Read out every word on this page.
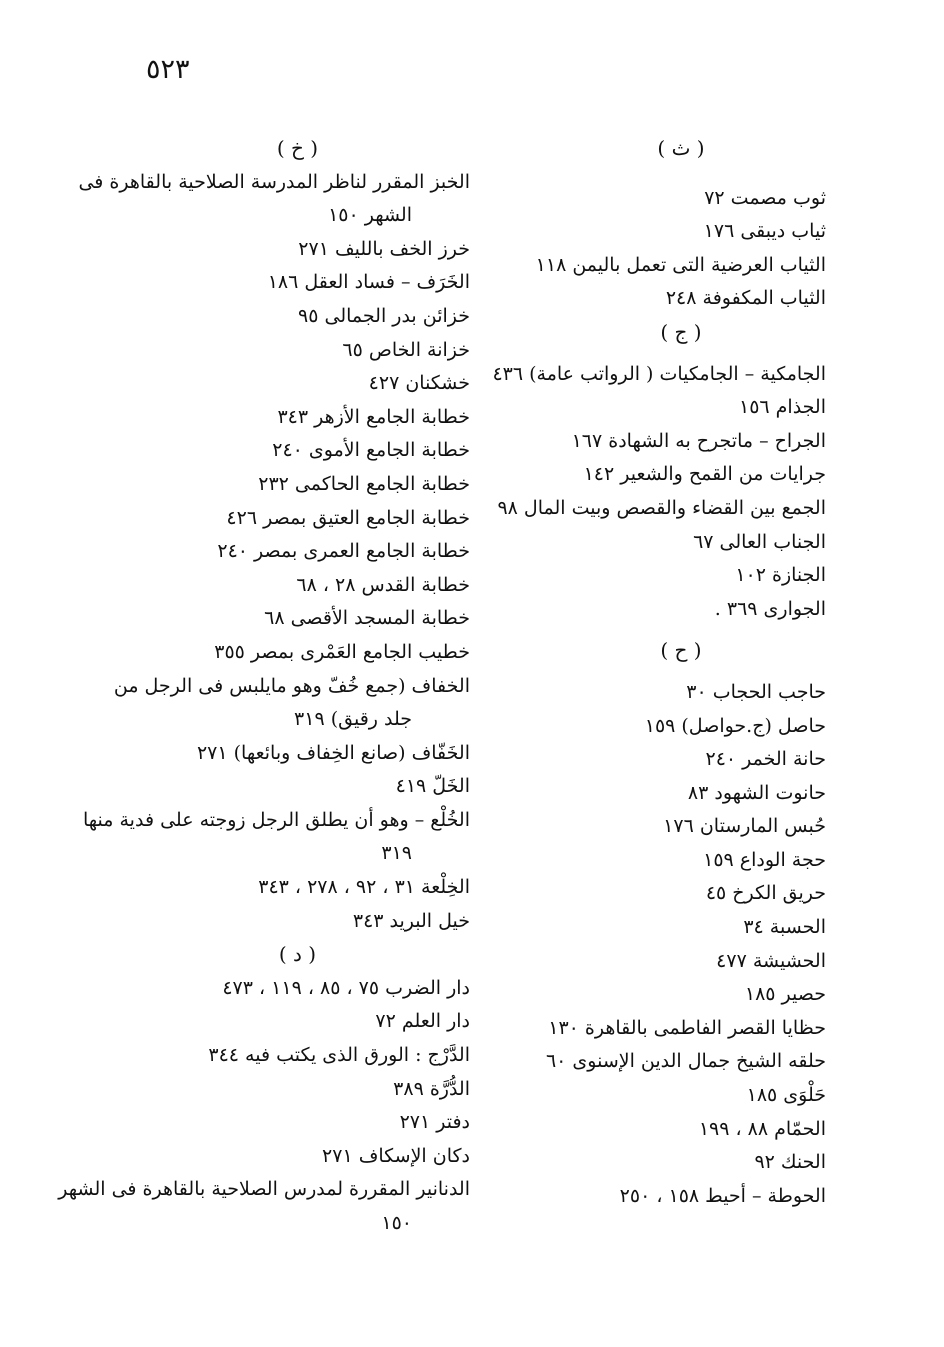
٥٢٣
( ث )
ثوب مصمت ٧٢
ثياب ديبقى ١٧٦
الثياب العرضية التى تعمل باليمن ١١٨
الثياب المكفوفة ٢٤٨
( ج )
الجامكية – الجامكيات ( الرواتب عامة) ٤٣٦
الجذام ١٥٦
الجراح – ماتجرح به الشهادة ١٦٧
جرايات من القمح والشعير ١٤٢
الجمع بين القضاء والقصص وبيت المال ٩٨
الجناب العالى ٦٧
الجنازة ١٠٢
الجوارى ٣٦٩ .
( ح )
حاجب الحجاب ٣٠
حاصل (ج.حواصل) ١٥٩
حانة الخمر ٢٤٠
حانوت الشهود ٨٣
حُبس المارستان ١٧٦
حجة الوداع ١٥٩
حريق الكرخ ٤٥
الحسبة ٣٤
الحشيشة ٤٧٧
حصير ١٨٥
حظايا القصر الفاطمى بالقاهرة ١٣٠
حلقه الشيخ جمال الدين الإسنوى ٦٠
حَلْوَى ١٨٥
الحمّام ٨٨ ، ١٩٩
الحنك ٩٢
الحوطة – أحيط ١٥٨ ، ٢٥٠
( خ )
الخبز المقرر لناظر المدرسة الصلاحية بالقاهرة فى
الشهر ١٥٠
خرز الخف بالليف ٢٧١
الخَرَف – فساد العقل ١٨٦
خزائن بدر الجمالى ٩٥
خزانة الخاص ٦٥
خشكنان ٤٢٧
خطابة الجامع الأزهر ٣٤٣
خطابة الجامع الأموى ٢٤٠
خطابة الجامع الحاكمى ٢٣٢
خطابة الجامع العتيق بمصر ٤٢٦
خطابة الجامع العمرى بمصر ٢٤٠
خطابة القدس ٢٨ ، ٦٨
خطابة المسجد الأقصى ٦٨
خطيب الجامع العَمْرى بمصر ٣٥٥
الخفاف (جمع خُفّ وهو مايلبس فى الرجل من
جلد رقيق) ٣١٩
الخَفّاف (صانع الخِفاف وبائعها) ٢٧١
الخَلّ ٤١٩
الخُلْع – وهو أن يطلق الرجل زوجته على فدية منها
٣١٩
الخِلْعة ٣١ ، ٩٢ ، ٢٧٨ ، ٣٤٣
خيل البريد ٣٤٣
( د )
دار الضرب ٧٥ ، ٨٥ ، ١١٩ ، ٤٧٣
دار العلم ٧٢
الدَّرْج : الورق الذى يكتب فيه ٣٤٤
الدُّرَّة ٣٨٩
دفتر ٢٧١
دكان الإسكاف ٢٧١
الدنانير المقررة لمدرس الصلاحية بالقاهرة فى الشهر
١٥٠
